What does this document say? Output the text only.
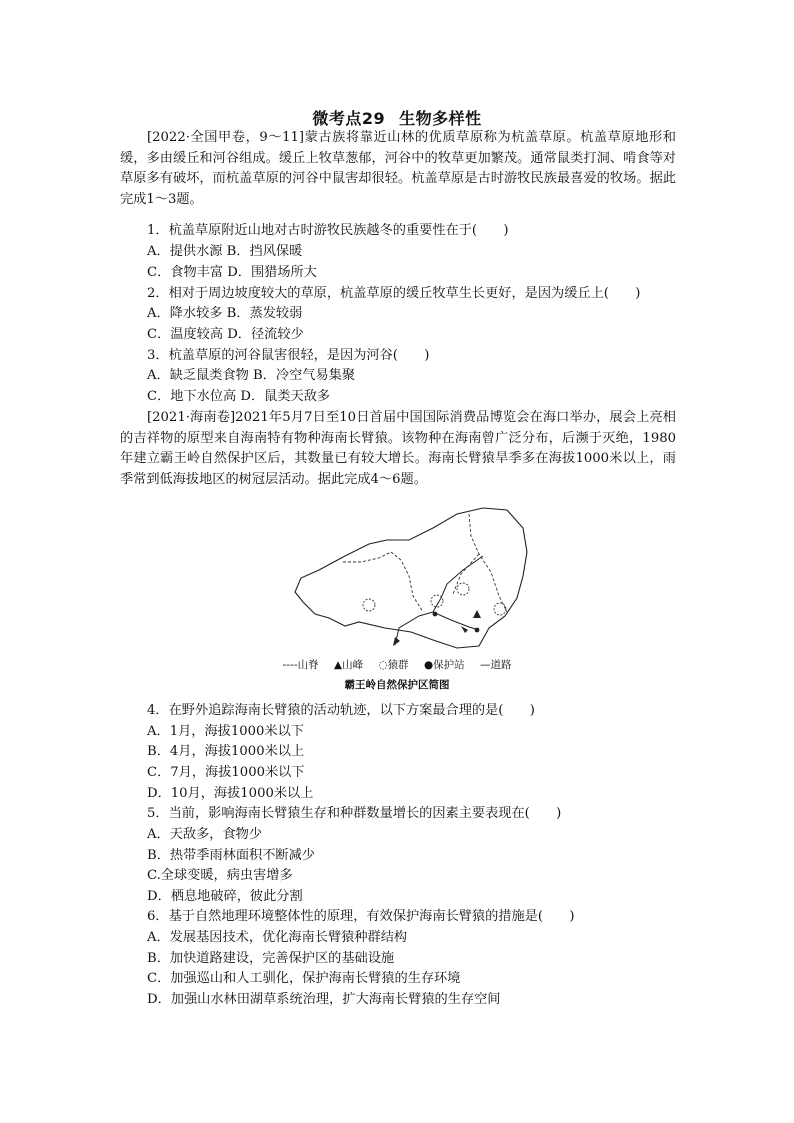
微考点29 生物多样性
[2022·全国甲卷，9～11]蒙古族将靠近山林的优质草原称为杭盖草原。杭盖草原地形和缓，多由缓丘和河谷组成。缓丘上牧草葱郁，河谷中的牧草更加繁茂。通常鼠类打洞、啃食等对草原多有破坏，而杭盖草原的河谷中鼠害却很轻。杭盖草原是古时游牧民族最喜爱的牧场。据此完成1～3题。
1．杭盖草原附近山地对古时游牧民族越冬的重要性在于(　　)
A．提供水源 B．挡风保暖
C．食物丰富 D．围猎场所大
2．相对于周边坡度较大的草原，杭盖草原的缓丘牧草生长更好，是因为缓丘上(　　)
A．降水较多 B．蒸发较弱
C．温度较高 D．径流较少
3．杭盖草原的河谷鼠害很轻，是因为河谷(　　)
A．缺乏鼠类食物 B．冷空气易集聚
C．地下水位高 D．鼠类天敌多
[2021·海南卷]2021年5月7日至10日首届中国国际消费品博览会在海口举办，展会上亮相的吉祥物的原型来自海南特有物种海南长臂猿。该物种在海南曾广泛分布，后濒于灭绝，1980年建立霸王岭自然保护区后，其数量已有较大增长。海南长臂猿旱季多在海拔1000米以上，雨季常到低海拔地区的树冠层活动。据此完成4～6题。
----山脊 ▲山峰 ◌猿群 ●保护站 —道路
霸王岭自然保护区简图
4．在野外追踪海南长臂猿的活动轨迹，以下方案最合理的是(　　)
A．1月，海拔1000米以下
B．4月，海拔1000米以上
C．7月，海拔1000米以下
D．10月，海拔1000米以上
5．当前，影响海南长臂猿生存和种群数量增长的因素主要表现在(　　)
A．天敌多，食物少
B．热带季雨林面积不断减少
C.全球变暖，病虫害增多
D．栖息地破碎，彼此分割
6．基于自然地理环境整体性的原理，有效保护海南长臂猿的措施是(　　)
A．发展基因技术，优化海南长臂猿种群结构
B．加快道路建设，完善保护区的基础设施
C．加强巡山和人工驯化，保护海南长臂猿的生存环境
D．加强山水林田湖草系统治理，扩大海南长臂猿的生存空间
